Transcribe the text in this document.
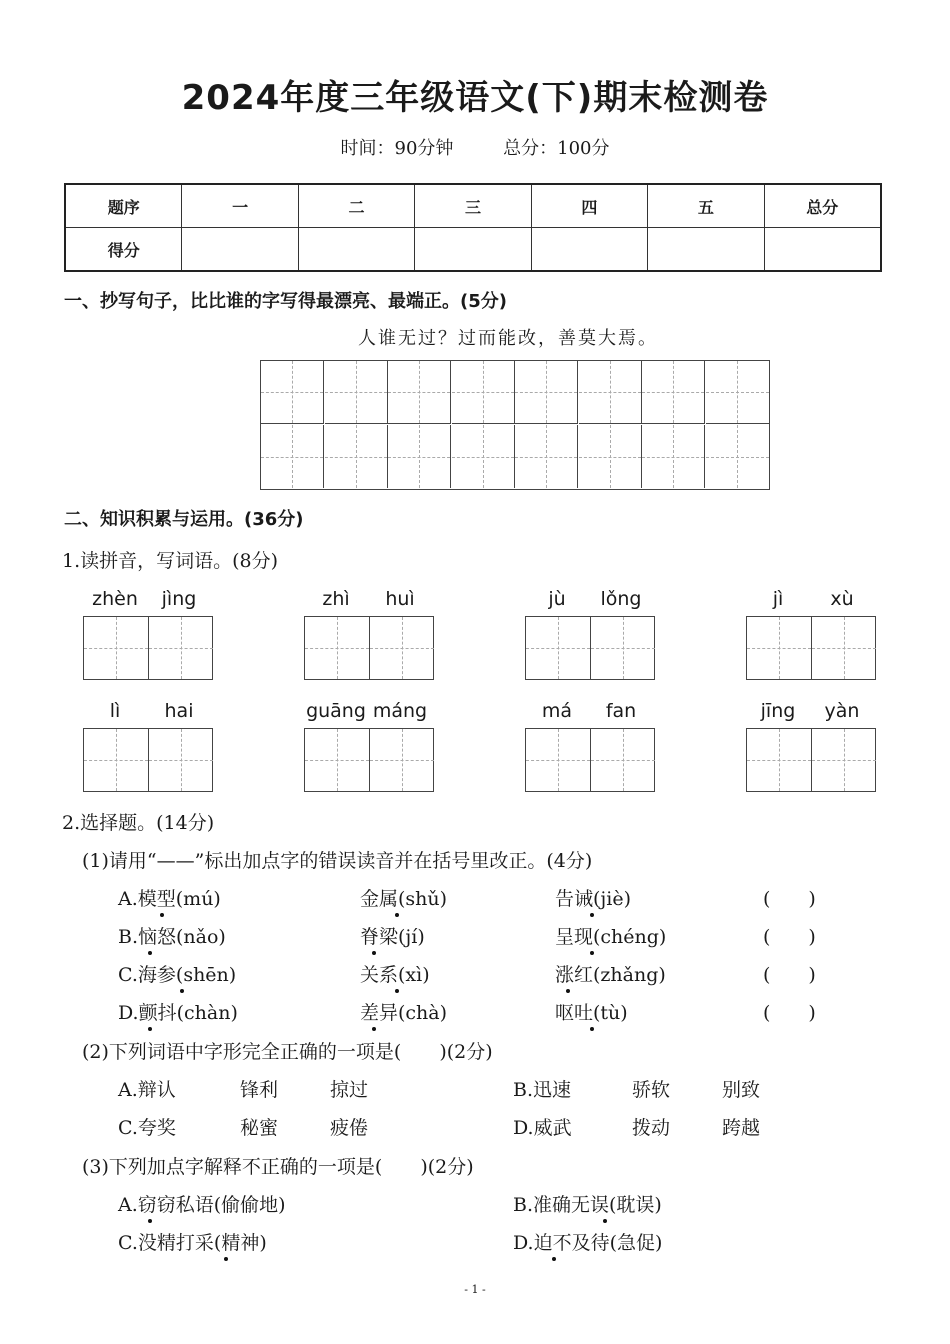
2024年度三年级语文(下)期末检测卷
时间：90分钟	总分：100分
题序	一	二	三	四	五	总分
得分						
一、抄写句子，比比谁的字写得最漂亮、最端正。(5分)
人谁无过？过而能改，善莫大焉。
二、知识积累与运用。(36分)
1.读拼音，写词语。(8分)
zhèn	jìng	zhì	huì	jù	lǒng	jì	xù
lì	hai	guāng máng	má	fan	jīng	yàn
2.选择题。(14分)
(1)请用“——”标出加点字的错误读音并在括号里改正。(4分)
A.模型(mú)	金属(shǔ)	告诫(jiè)	(　　)
B.恼怒(nǎo)	脊梁(jí)	呈现(chéng)	(　　)
C.海参(shēn)	关系(xì)	涨红(zhǎng)	(　　)
D.颤抖(chàn)	差异(chà)	呕吐(tù)	(　　)
(2)下列词语中字形完全正确的一项是(　　)(2分)
A.辩认	锋利	掠过	B.迅速	骄软	别致
C.夸奖	秘蜜	疲倦	D.威武	拨动	跨越
(3)下列加点字解释不正确的一项是(　　)(2分)
A.窃窃私语(偷偷地)	B.准确无误(耽误)
C.没精打采(精神)	D.迫不及待(急促)
- 1 -
